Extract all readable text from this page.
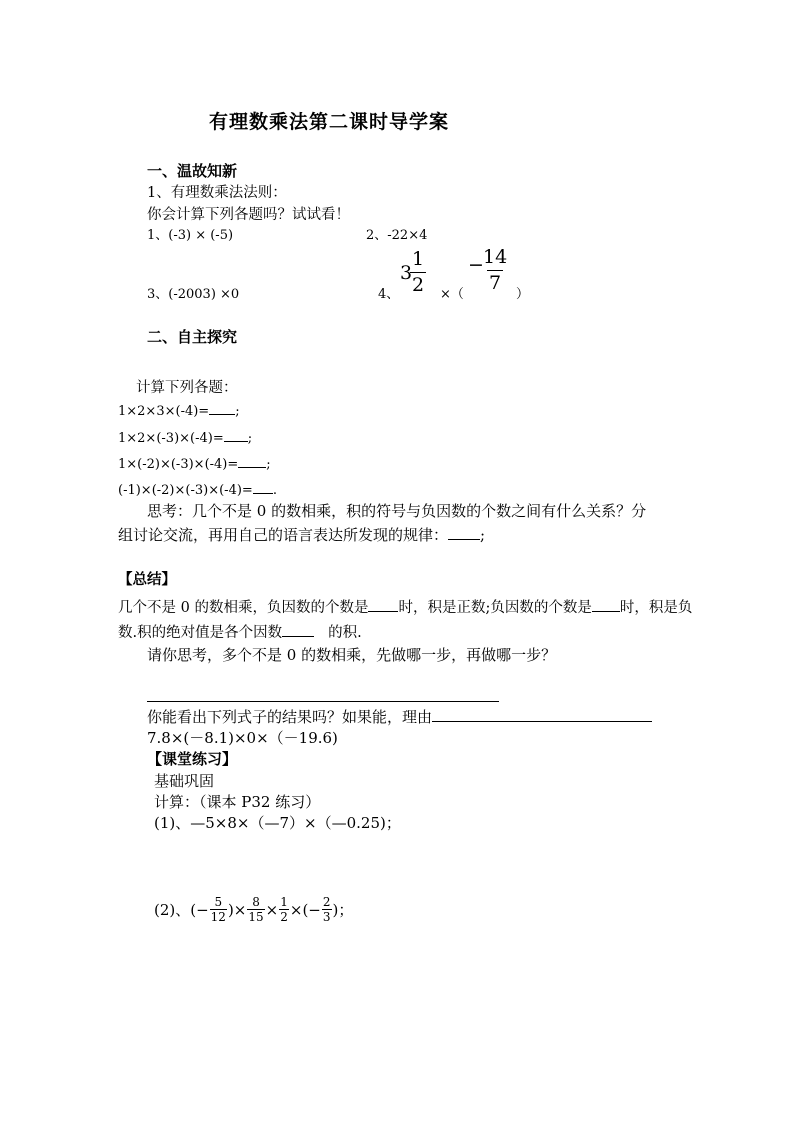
有理数乘法第二课时导学案
一、温故知新
1、有理数乘法法则：
你会计算下列各题吗？试试看！
1、(-3) × (-5)	2、-22×4
3、(-2003) ×0	4、
3
$\frac{1}{2}$ ×（
− 14
7
）
二、自主探究
计算下列各题：
1×2×3×(-4)= ;
1×2×(-3)×(-4)= ;
1×(-2)×(-3)×(-4)= ;
(-1)×(-2)×(-3)×(-4)= .
思考：几个不是 0 的数相乘，积的符号与负因数的个数之间有什么关系？分
组讨论交流，再用自己的语言表达所发现的规律： ;
【总结】
几个不是 0 的数相乘，负因数的个数是 时，积是正数;负因数的个数是 时，积是负
数.积的绝对值是各个因数	的积.
请你思考，多个不是 0 的数相乘，先做哪一步，再做哪一步？
你能看出下列式子的结果吗？如果能，理由
7.8×(－8.1)×0×（－19.6)
【课堂练习】
基础巩固
计算：（课本 P32 练习）
(1)、—5×8×（—7）×（—0.25)；
(2)、 (− $\frac{5}{12}$ )× $\frac{8}{15} \times \frac{1}{2}$ ×(− $\frac{2}{3}$ )；
